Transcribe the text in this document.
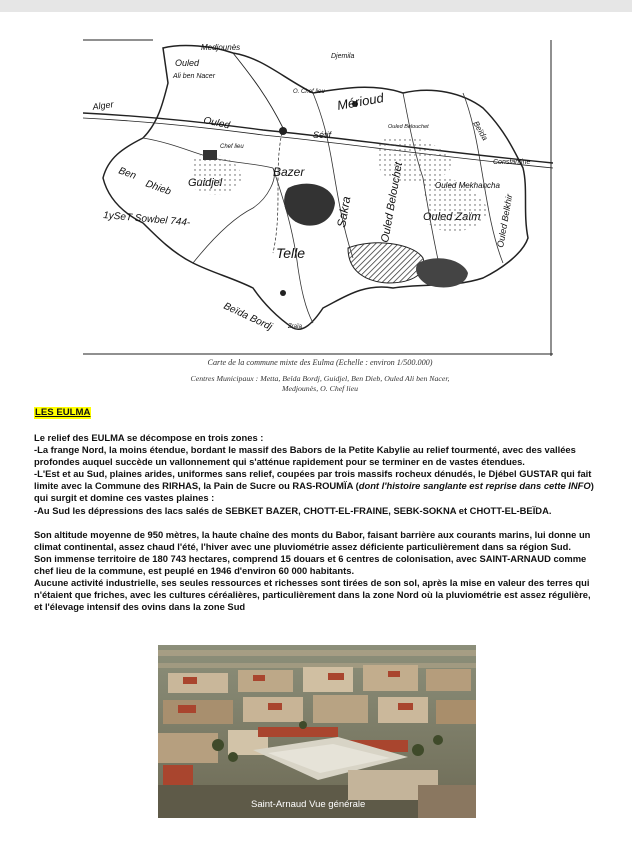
Medjounès
Ouled
Ali ben Nacer
Djemila
Alger
O. Chef lieu Mérioud
Ouled Belouchet	Beïda
Sétif
Constantine
Ouled
Chef lieu
Ben
Dhieb Guidjel
Bazer
Sakra Ouled Belouchet	Ouled Mekhancha
Ouled Zaïm Ouled Belkhir
Telle
Beïda Bordj Zraïa
1ySeT Sowbel 744-
Carte de la commune mixte des Eulma (Echelle : environ 1/500.000)
Centres Municipaux : Metta, Beïda Bordj, Guidjel, Ben Dieb, Ouled Ali ben Nacer,
Medjounès, O. Chef lieu
LES EULMA

Le relief des EULMA se décompose en trois zones :

-La frange Nord, la moins étendue, bordant le massif des Babors de la Petite Kabylie au relief tourmenté, avec des vallées profondes auquel succède un vallonnement qui s'atténue rapidement pour se terminer en de vastes étendues.

-L'Est et au Sud, plaines arides, uniformes sans relief, coupées par trois massifs rocheux dénudés, le Djébel GUSTAR qui fait limite avec la Commune des RIRHAS, la Pain de Sucre ou RAS-ROUMÏA (dont l'histoire sanglante est reprise dans cette INFO) qui surgit et domine ces vastes plaines :

-Au Sud les dépressions des lacs salés de SEBKET BAZER, CHOTT-EL-FRAINE, SEBK-SOKNA et CHOTT-EL-BEÏDA.

Son altitude moyenne de 950 mètres, la haute chaîne des monts du Babor, faisant barrière aux courants marins, lui donne un climat continental, assez chaud l'été, l'hiver avec une pluviométrie assez déficiente particulièrement dans sa région Sud.

Son immense territoire de 180 743 hectares, comprend 15 douars et 6 centres de colonisation, avec SAINT-ARNAUD comme chef lieu de la commune, est peuplé en 1946 d'environ 60 000 habitants.

Aucune activité industrielle, ses seules ressources et richesses sont tirées de son sol, après la mise en valeur des terres qui n'étaient que friches, avec les cultures céréalières, particulièrement dans la zone Nord où la pluviométrie est assez régulière, et l'élevage intensif des ovins dans la zone Sud

Saint-Arnaud Vue générale
